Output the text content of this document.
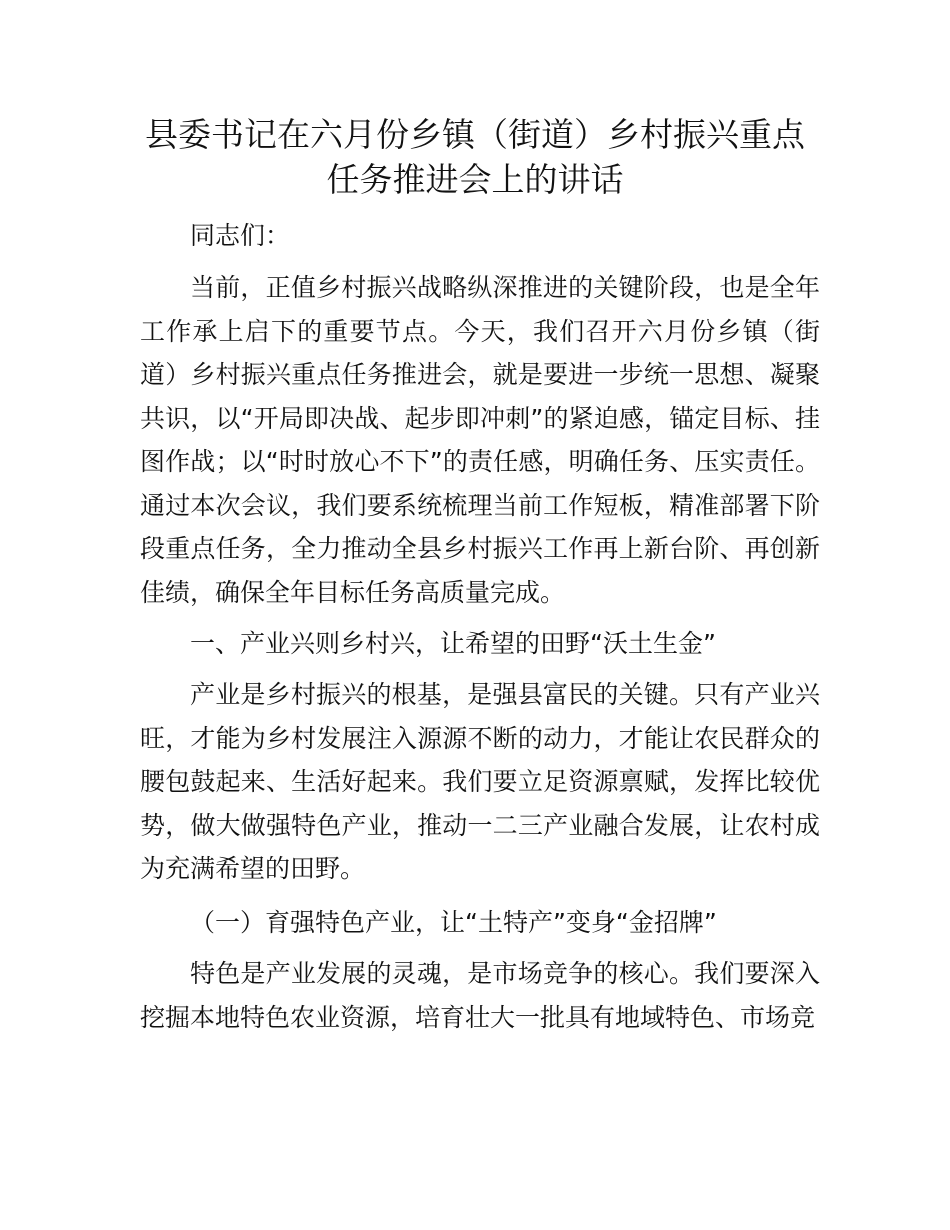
县委书记在六月份乡镇（街道）乡村振兴重点
任务推进会上的讲话

同志们：

当前，正值乡村振兴战略纵深推进的关键阶段，也是全年工作承上启下的重要节点。今天，我们召开六月份乡镇（街道）乡村振兴重点任务推进会，就是要进一步统一思想、凝聚共识，以“开局即决战、起步即冲刺”的紧迫感，锚定目标、挂图作战；以“时时放心不下”的责任感，明确任务、压实责任。通过本次会议，我们要系统梳理当前工作短板，精准部署下阶段重点任务，全力推动全县乡村振兴工作再上新台阶、再创新佳绩，确保全年目标任务高质量完成。

一、产业兴则乡村兴，让希望的田野“沃土生金”

产业是乡村振兴的根基，是强县富民的关键。只有产业兴旺，才能为乡村发展注入源源不断的动力，才能让农民群众的腰包鼓起来、生活好起来。我们要立足资源禀赋，发挥比较优势，做大做强特色产业，推动一二三产业融合发展，让农村成为充满希望的田野。

（一）育强特色产业，让“土特产”变身“金招牌”

特色是产业发展的灵魂，是市场竞争的核心。我们要深入挖掘本地特色农业资源，培育壮大一批具有地域特色、市场竞
